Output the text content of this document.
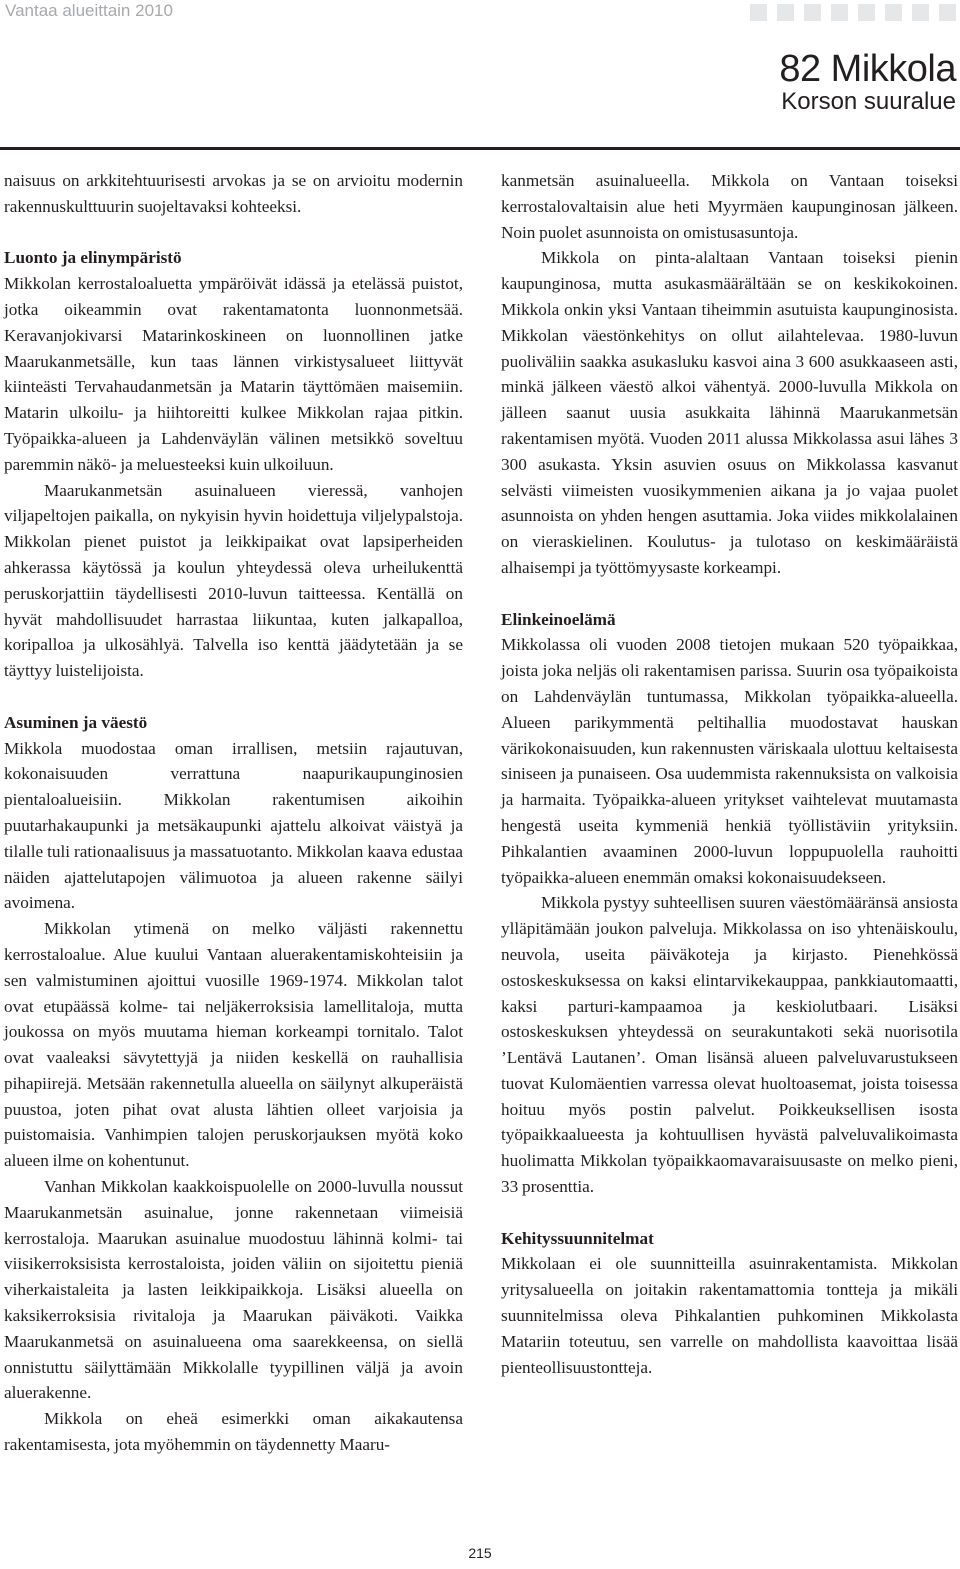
Vantaa alueittain 2010
82 Mikkola
Korson suuralue

naisuus on arkkitehtuurisesti arvokas ja se on arvioitu modernin rakennuskulttuurin suojeltavaksi kohteeksi.

Luonto ja elinympäristö

Mikkolan kerrostaloaluetta ympäröivät idässä ja etelässä puistot, jotka oikeammin ovat rakentamatonta luonnonmetsää. Keravanjokivarsi Matarinkoskineen on luonnollinen jatke Maarukanmetsälle, kun taas lännen virkistysalueet liittyvät kiinteästi Tervahaudanmetsän ja Matarin täyttömäen maisemiin. Matarin ulkoilu- ja hiihtoreitti kulkee Mikkolan rajaa pitkin. Työpaikka-alueen ja Lahdenväylän välinen metsikkö soveltuu paremmin näkö- ja meluesteeksi kuin ulkoiluun.

Maarukanmetsän asuinalueen vieressä, vanhojen viljapeltojen paikalla, on nykyisin hyvin hoidettuja viljelypalstoja. Mikkolan pienet puistot ja leikkipaikat ovat lapsiperheiden ahkerassa käytössä ja koulun yhteydessä oleva urheilukenttä peruskorjattiin täydellisesti 2010-luvun taitteessa. Kentällä on hyvät mahdollisuudet harrastaa liikuntaa, kuten jalkapalloa, koripalloa ja ulkosählyä. Talvella iso kenttä jäädytetään ja se täyttyy luistelijoista.

Asuminen ja väestö

Mikkola muodostaa oman irrallisen, metsiin rajautuvan, kokonaisuuden verrattuna naapurikaupunginosien pientaloalueisiin. Mikkolan rakentumisen aikoihin puutarhakaupunki ja metsäkaupunki ajattelu alkoivat väistyä ja tilalle tuli rationaalisuus ja massatuotanto. Mikkolan kaava edustaa näiden ajattelutapojen välimuotoa ja alueen rakenne säilyi avoimena.

Mikkolan ytimenä on melko väljästi rakennettu kerrostaloalue. Alue kuului Vantaan aluerakentamiskohteisiin ja sen valmistuminen ajoittui vuosille 1969-1974. Mikkolan talot ovat etupäässä kolme- tai neljäkerroksisia lamellitaloja, mutta joukossa on myös muutama hieman korkeampi tornitalo. Talot ovat vaaleaksi sävytettyjä ja niiden keskellä on rauhallisia pihapiirejä. Metsään rakennetulla alueella on säilynyt alkuperäistä puustoa, joten pihat ovat alusta lähtien olleet varjoisia ja puistomaisia. Vanhimpien talojen peruskorjauksen myötä koko alueen ilme on kohentunut.

Vanhan Mikkolan kaakkoispuolelle on 2000-luvulla noussut Maarukanmetsän asuinalue, jonne rakennetaan viimeisiä kerrostaloja. Maarukan asuinalue muodostuu lähinnä kolmi- tai viisikerroksisista kerrostaloista, joiden väliin on sijoitettu pieniä viherkaistaleita ja lasten leikkipaikkoja. Lisäksi alueella on kaksikerroksisia rivitaloja ja Maarukan päiväkoti. Vaikka Maarukanmetsä on asuinalueena oma saarekkeensa, on siellä onnistuttu säilyttämään Mikkolalle tyypillinen väljä ja avoin aluerakenne.

Mikkola on eheä esimerkki oman aikakautensa rakentamisesta, jota myöhemmin on täydennetty Maaru-

kanmetsän asuinalueella. Mikkola on Vantaan toiseksi kerrostalovaltaisin alue heti Myyrmäen kaupunginosan jälkeen. Noin puolet asunnoista on omistusasuntoja.

Mikkola on pinta-alaltaan Vantaan toiseksi pienin kaupunginosa, mutta asukasmäärältään se on keskikokoinen. Mikkola onkin yksi Vantaan tiheimmin asutuista kaupunginosista. Mikkolan väestönkehitys on ollut ailahtelevaa. 1980-luvun puoliväliin saakka asukasluku kasvoi aina 3 600 asukkaaseen asti, minkä jälkeen väestö alkoi vähentyä. 2000-luvulla Mikkola on jälleen saanut uusia asukkaita lähinnä Maarukanmetsän rakentamisen myötä. Vuoden 2011 alussa Mikkolassa asui lähes 3 300 asukasta. Yksin asuvien osuus on Mikkolassa kasvanut selvästi viimeisten vuosikymmenien aikana ja jo vajaa puolet asunnoista on yhden hengen asuttamia. Joka viides mikkolalainen on vieraskielinen. Koulutus- ja tulotaso on keskimääräistä alhaisempi ja työttömyysaste korkeampi.

Elinkeinoelämä

Mikkolassa oli vuoden 2008 tietojen mukaan 520 työpaikkaa, joista joka neljäs oli rakentamisen parissa. Suurin osa työpaikoista on Lahdenväylän tuntumassa, Mikkolan työpaikka-alueella. Alueen parikymmentä peltihallia muodostavat hauskan värikokonaisuuden, kun rakennusten väriskaala ulottuu keltaisesta siniseen ja punaiseen. Osa uudemmista rakennuksista on valkoisia ja harmaita. Työpaikka-alueen yritykset vaihtelevat muutamasta hengestä useita kymmeniä henkiä työllistäviin yrityksiin. Pihkalantien avaaminen 2000-luvun loppupuolella rauhoitti työpaikka-alueen enemmän omaksi kokonaisuudekseen.

Mikkola pystyy suhteellisen suuren väestömääränsä ansiosta ylläpitämään joukon palveluja. Mikkolassa on iso yhtenäiskoulu, neuvola, useita päiväkoteja ja kirjasto. Pienehkössä ostoskeskuksessa on kaksi elintarvikekauppaa, pankkiautomaatti, kaksi parturi-kampaamoa ja keskiolutbaari. Lisäksi ostoskeskuksen yhteydessä on seurakuntakoti sekä nuorisotila ’Lentävä Lautanen’. Oman lisänsä alueen palveluvarustukseen tuovat Kulomäentien varressa olevat huoltoasemat, joista toisessa hoituu myös postin palvelut. Poikkeuksellisen isosta työpaikkaalueesta ja kohtuullisen hyvästä palveluvalikoimasta huolimatta Mikkolan työpaikkaomavaraisuusaste on melko pieni, 33 prosenttia.

Kehityssuunnitelmat

Mikkolaan ei ole suunnitteilla asuinrakentamista. Mikkolan yritysalueella on joitakin rakentamattomia tontteja ja mikäli suunnitelmissa oleva Pihkalantien puhkominen Mikkolasta Matariin toteutuu, sen varrelle on mahdollista kaavoittaa lisää pienteollisuustontteja.

215
